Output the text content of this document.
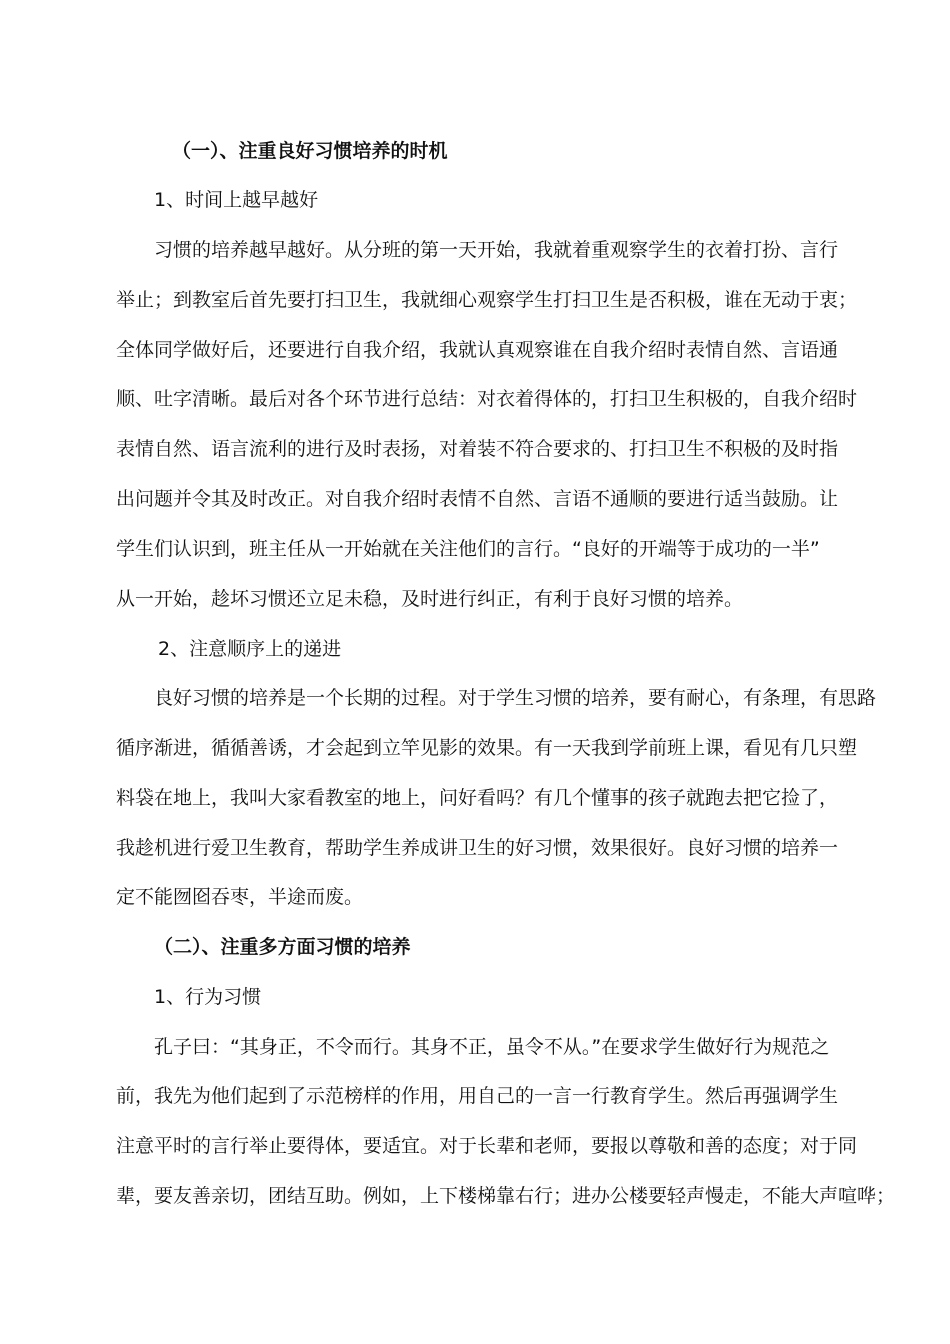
（一）、注重良好习惯培养的时机
1、时间上越早越好
习惯的培养越早越好。从分班的第一天开始，我就着重观察学生的衣着打扮、言行
举止；到教室后首先要打扫卫生，我就细心观察学生打扫卫生是否积极，谁在无动于衷；
全体同学做好后，还要进行自我介绍，我就认真观察谁在自我介绍时表情自然、言语通
顺、吐字清晰。最后对各个环节进行总结：对衣着得体的，打扫卫生积极的，自我介绍时
表情自然、语言流利的进行及时表扬，对着装不符合要求的、打扫卫生不积极的及时指
出问题并令其及时改正。对自我介绍时表情不自然、言语不通顺的要进行适当鼓励。让
学生们认识到，班主任从一开始就在关注他们的言行。“良好的开端等于成功的一半”
从一开始，趁坏习惯还立足未稳，及时进行纠正，有利于良好习惯的培养。
2、注意顺序上的递进
良好习惯的培养是一个长期的过程。对于学生习惯的培养，要有耐心，有条理，有思路
循序渐进，循循善诱，才会起到立竿见影的效果。有一天我到学前班上课，看见有几只塑
料袋在地上，我叫大家看教室的地上，问好看吗？有几个懂事的孩子就跑去把它捡了，
我趁机进行爱卫生教育，帮助学生养成讲卫生的好习惯，效果很好。良好习惯的培养一
定不能囫囵吞枣，半途而废。
（二）、注重多方面习惯的培养
1、行为习惯
孔子曰：“其身正，不令而行。其身不正，虽令不从。”在要求学生做好行为规范之
前，我先为他们起到了示范榜样的作用，用自己的一言一行教育学生。然后再强调学生
注意平时的言行举止要得体，要适宜。对于长辈和老师，要报以尊敬和善的态度；对于同
辈，要友善亲切，团结互助。例如，上下楼梯靠右行；进办公楼要轻声慢走，不能大声喧哗；
